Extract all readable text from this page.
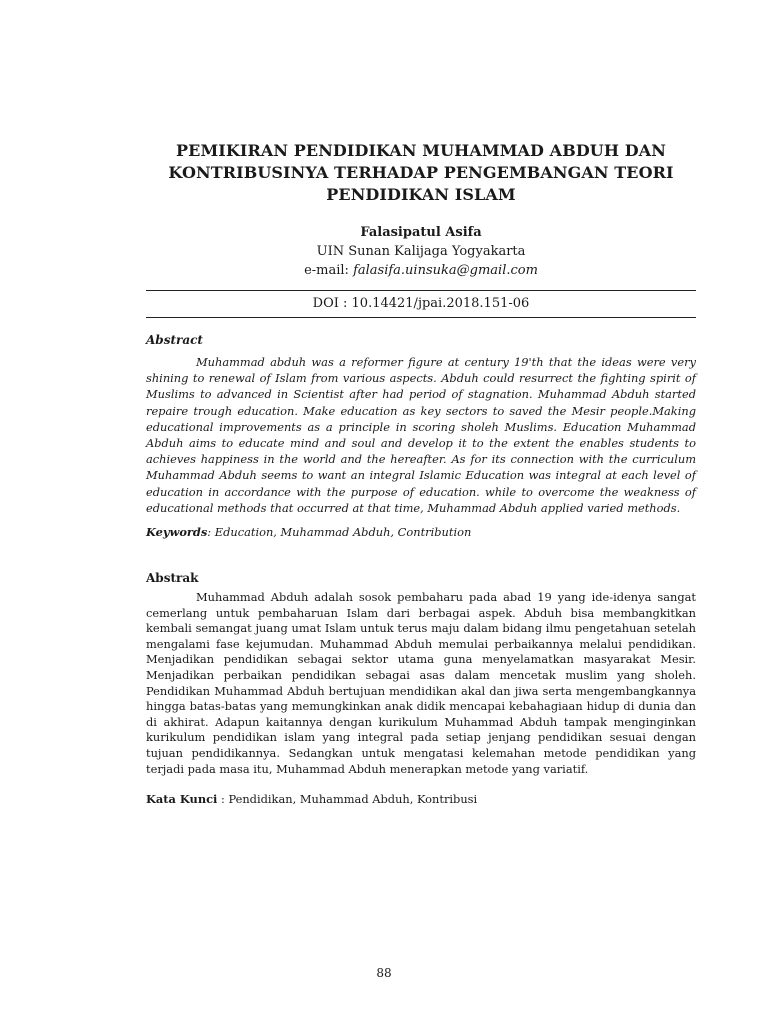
PEMIKIRAN PENDIDIKAN MUHAMMAD ABDUH DAN
KONTRIBUSINYA TERHADAP PENGEMBANGAN TEORI
PENDIDIKAN ISLAM
Falasipatul Asifa
UIN Sunan Kalijaga Yogyakarta
e-mail: falasifa.uinsuka@gmail.com
DOI : 10.14421/jpai.2018.151-06
Abstract

Muhammad abduh was a reformer figure at century 19'th that the ideas were very shining to renewal of Islam from various aspects. Abduh could resurrect the fighting spirit of Muslims to advanced in Scientist after had period of stagnation. Muhammad Abduh started repaire trough education. Make education as key sectors to saved the Mesir people.Making educational improvements as a principle in scoring sholeh Muslims. Education Muhammad Abduh aims to educate mind and soul and develop it to the extent the enables students to achieves happiness in the world and the hereafter. As for its connection with the curriculum Muhammad Abduh seems to want an integral Islamic Education was integral at each level of education in accordance with the purpose of education. while to overcome the weakness of educational methods that occurred at that time, Muhammad Abduh applied varied methods.

Keywords: Education, Muhammad Abduh, Contribution
Abstrak

Muhammad Abduh adalah sosok pembaharu pada abad 19 yang ide-idenya sangat cemerlang untuk pembaharuan Islam dari berbagai aspek. Abduh bisa membangkitkan kembali semangat juang umat Islam untuk terus maju dalam bidang ilmu pengetahuan setelah mengalami fase kejumudan. Muhammad Abduh memulai perbaikannya melalui pendidikan. Menjadikan pendidikan sebagai sektor utama guna menyelamatkan masyarakat Mesir. Menjadikan perbaikan pendidikan sebagai asas dalam mencetak muslim yang sholeh. Pendidikan Muhammad Abduh bertujuan mendidikan akal dan jiwa serta mengembangkannya hingga batas-batas yang memungkinkan anak didik mencapai kebahagiaan hidup di dunia dan di akhirat. Adapun kaitannya dengan kurikulum Muhammad Abduh tampak menginginkan kurikulum pendidikan islam yang integral pada setiap jenjang pendidikan sesuai dengan tujuan pendidikannya. Sedangkan untuk mengatasi kelemahan metode pendidikan yang terjadi pada masa itu, Muhammad Abduh menerapkan metode yang variatif.

Kata Kunci : Pendidikan, Muhammad Abduh, Kontribusi
88
